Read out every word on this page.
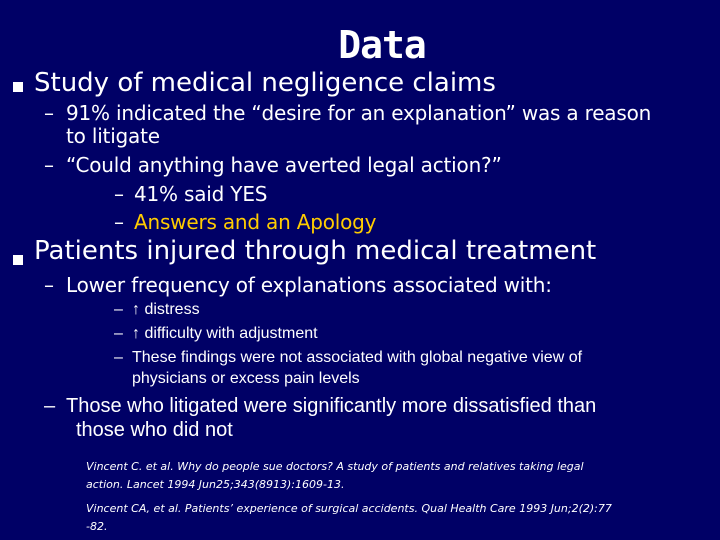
Data
Study of medical negligence claims
– 91% indicated the “desire for an explanation” was a reason
to litigate
– “Could anything have averted legal action?”
– 41% said YES
– Answers and an Apology
Patients injured through medical treatment
– Lower frequency of explanations associated with:
– ↑ distress
– ↑ difficulty with adjustment
– These findings were not associated with global negative view of
physicians or excess pain levels
– Those who litigated were significantly more dissatisfied than
those who did not
Vincent C. et al. Why do people sue doctors? A study of patients and relatives taking legal
action. Lancet 1994 Jun25;343(8913):1609-13.
Vincent CA, et al. Patients’ experience of surgical accidents. Qual Health Care 1993 Jun;2(2):77
-82.
